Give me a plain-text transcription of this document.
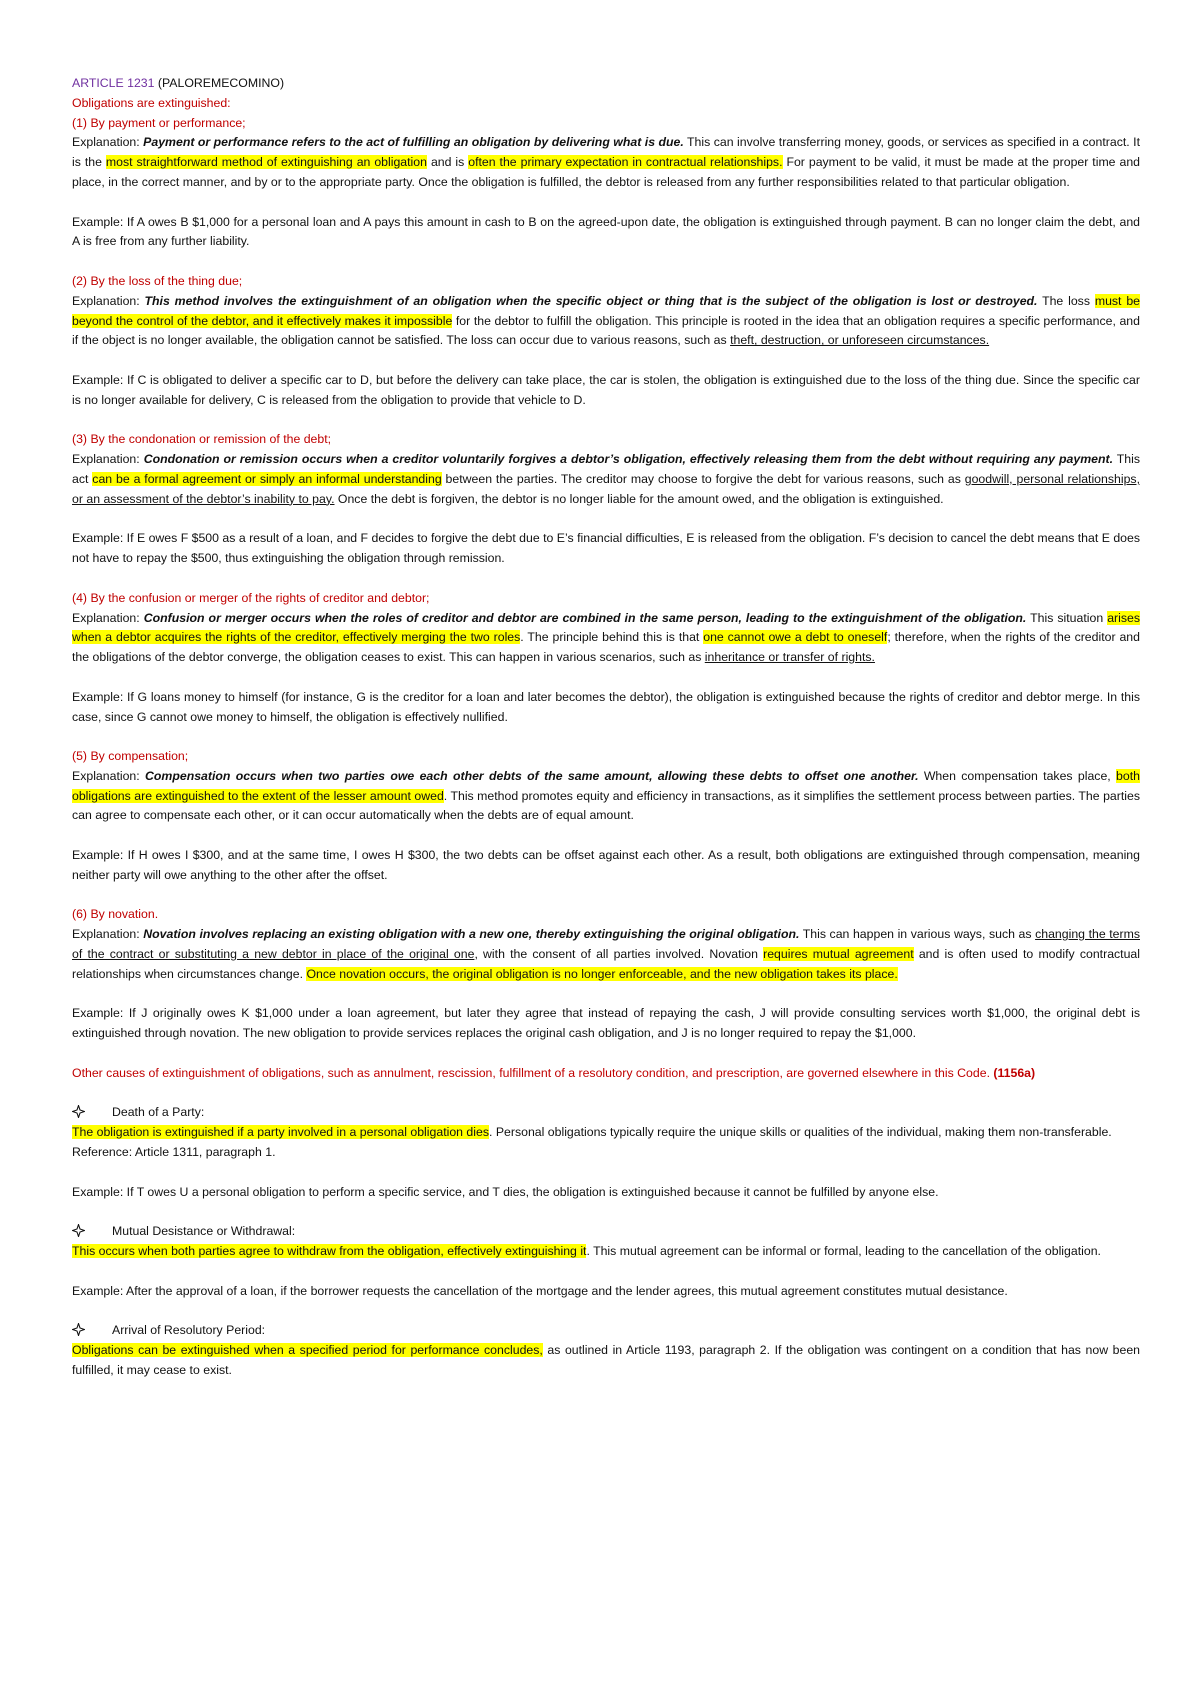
ARTICLE 1231 (PALOREMECOMINO)

Obligations are extinguished:

(1) By payment or performance;

Explanation: Payment or performance refers to the act of fulfilling an obligation by delivering what is due. This can involve transferring money, goods, or services as specified in a contract. It is the most straightforward method of extinguishing an obligation and is often the primary expectation in contractual relationships. For payment to be valid, it must be made at the proper time and place, in the correct manner, and by or to the appropriate party. Once the obligation is fulfilled, the debtor is released from any further responsibilities related to that particular obligation.

Example: If A owes B $1,000 for a personal loan and A pays this amount in cash to B on the agreed-upon date, the obligation is extinguished through payment. B can no longer claim the debt, and A is free from any further liability.

(2) By the loss of the thing due;

Explanation: This method involves the extinguishment of an obligation when the specific object or thing that is the subject of the obligation is lost or destroyed. The loss must be beyond the control of the debtor, and it effectively makes it impossible for the debtor to fulfill the obligation. This principle is rooted in the idea that an obligation requires a specific performance, and if the object is no longer available, the obligation cannot be satisfied. The loss can occur due to various reasons, such as theft, destruction, or unforeseen circumstances.

Example: If C is obligated to deliver a specific car to D, but before the delivery can take place, the car is stolen, the obligation is extinguished due to the loss of the thing due. Since the specific car is no longer available for delivery, C is released from the obligation to provide that vehicle to D.

(3) By the condonation or remission of the debt;

Explanation: Condonation or remission occurs when a creditor voluntarily forgives a debtor’s obligation, effectively releasing them from the debt without requiring any payment. This act can be a formal agreement or simply an informal understanding between the parties. The creditor may choose to forgive the debt for various reasons, such as goodwill, personal relationships, or an assessment of the debtor’s inability to pay. Once the debt is forgiven, the debtor is no longer liable for the amount owed, and the obligation is extinguished.

Example: If E owes F $500 as a result of a loan, and F decides to forgive the debt due to E’s financial difficulties, E is released from the obligation. F’s decision to cancel the debt means that E does not have to repay the $500, thus extinguishing the obligation through remission.

(4) By the confusion or merger of the rights of creditor and debtor;

Explanation: Confusion or merger occurs when the roles of creditor and debtor are combined in the same person, leading to the extinguishment of the obligation. This situation arises when a debtor acquires the rights of the creditor, effectively merging the two roles. The principle behind this is that one cannot owe a debt to oneself; therefore, when the rights of the creditor and the obligations of the debtor converge, the obligation ceases to exist. This can happen in various scenarios, such as inheritance or transfer of rights.

Example: If G loans money to himself (for instance, G is the creditor for a loan and later becomes the debtor), the obligation is extinguished because the rights of creditor and debtor merge. In this case, since G cannot owe money to himself, the obligation is effectively nullified.

(5) By compensation;

Explanation: Compensation occurs when two parties owe each other debts of the same amount, allowing these debts to offset one another. When compensation takes place, both obligations are extinguished to the extent of the lesser amount owed. This method promotes equity and efficiency in transactions, as it simplifies the settlement process between parties. The parties can agree to compensate each other, or it can occur automatically when the debts are of equal amount.

Example: If H owes I $300, and at the same time, I owes H $300, the two debts can be offset against each other. As a result, both obligations are extinguished through compensation, meaning neither party will owe anything to the other after the offset.

(6) By novation.

Explanation: Novation involves replacing an existing obligation with a new one, thereby extinguishing the original obligation. This can happen in various ways, such as changing the terms of the contract or substituting a new debtor in place of the original one, with the consent of all parties involved. Novation requires mutual agreement and is often used to modify contractual relationships when circumstances change. Once novation occurs, the original obligation is no longer enforceable, and the new obligation takes its place.

Example: If J originally owes K $1,000 under a loan agreement, but later they agree that instead of repaying the cash, J will provide consulting services worth $1,000, the original debt is extinguished through novation. The new obligation to provide services replaces the original cash obligation, and J is no longer required to repay the $1,000.

Other causes of extinguishment of obligations, such as annulment, rescission, fulfillment of a resolutory condition, and prescription, are governed elsewhere in this Code. (1156a)

Death of a Party:

The obligation is extinguished if a party involved in a personal obligation dies. Personal obligations typically require the unique skills or qualities of the individual, making them non-transferable.

Reference: Article 1311, paragraph 1.

Example: If T owes U a personal obligation to perform a specific service, and T dies, the obligation is extinguished because it cannot be fulfilled by anyone else.

Mutual Desistance or Withdrawal:

This occurs when both parties agree to withdraw from the obligation, effectively extinguishing it. This mutual agreement can be informal or formal, leading to the cancellation of the obligation.

Example: After the approval of a loan, if the borrower requests the cancellation of the mortgage and the lender agrees, this mutual agreement constitutes mutual desistance.

Arrival of Resolutory Period:

Obligations can be extinguished when a specified period for performance concludes, as outlined in Article 1193, paragraph 2. If the obligation was contingent on a condition that has now been fulfilled, it may cease to exist.
